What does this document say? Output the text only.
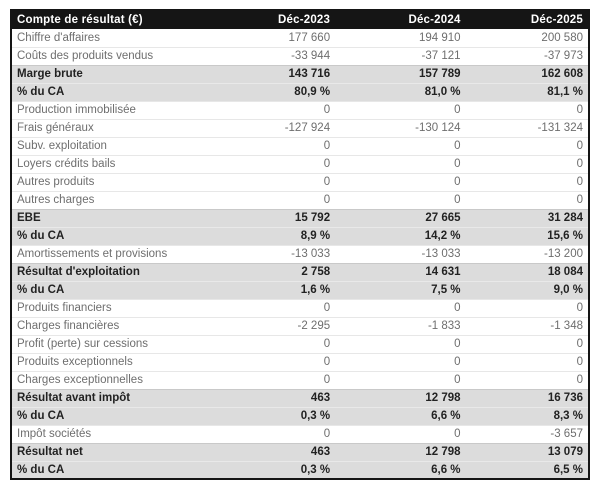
Compte de résultat (€)	Déc-2023	Déc-2024	Déc-2025
Chiffre d'affaires	177 660	194 910	200 580
Coûts des produits vendus	-33 944	-37 121	-37 973
Marge brute	143 716	157 789	162 608
% du CA	80,9 %	81,0 %	81,1 %
Production immobilisée	0	0	0
Frais généraux	-127 924	-130 124	-131 324
Subv. exploitation	0	0	0
Loyers crédits bails	0	0	0
Autres produits	0	0	0
Autres charges	0	0	0
EBE	15 792	27 665	31 284
% du CA	8,9 %	14,2 %	15,6 %
Amortissements et provisions	-13 033	-13 033	-13 200
Résultat d'exploitation	2 758	14 631	18 084
% du CA	1,6 %	7,5 %	9,0 %
Produits financiers	0	0	0
Charges financières	-2 295	-1 833	-1 348
Profit (perte) sur cessions	0	0	0
Produits exceptionnels	0	0	0
Charges exceptionnelles	0	0	0
Résultat avant impôt	463	12 798	16 736
% du CA	0,3 %	6,6 %	8,3 %
Impôt sociétés	0	0	-3 657
Résultat net	463	12 798	13 079
% du CA	0,3 %	6,6 %	6,5 %
